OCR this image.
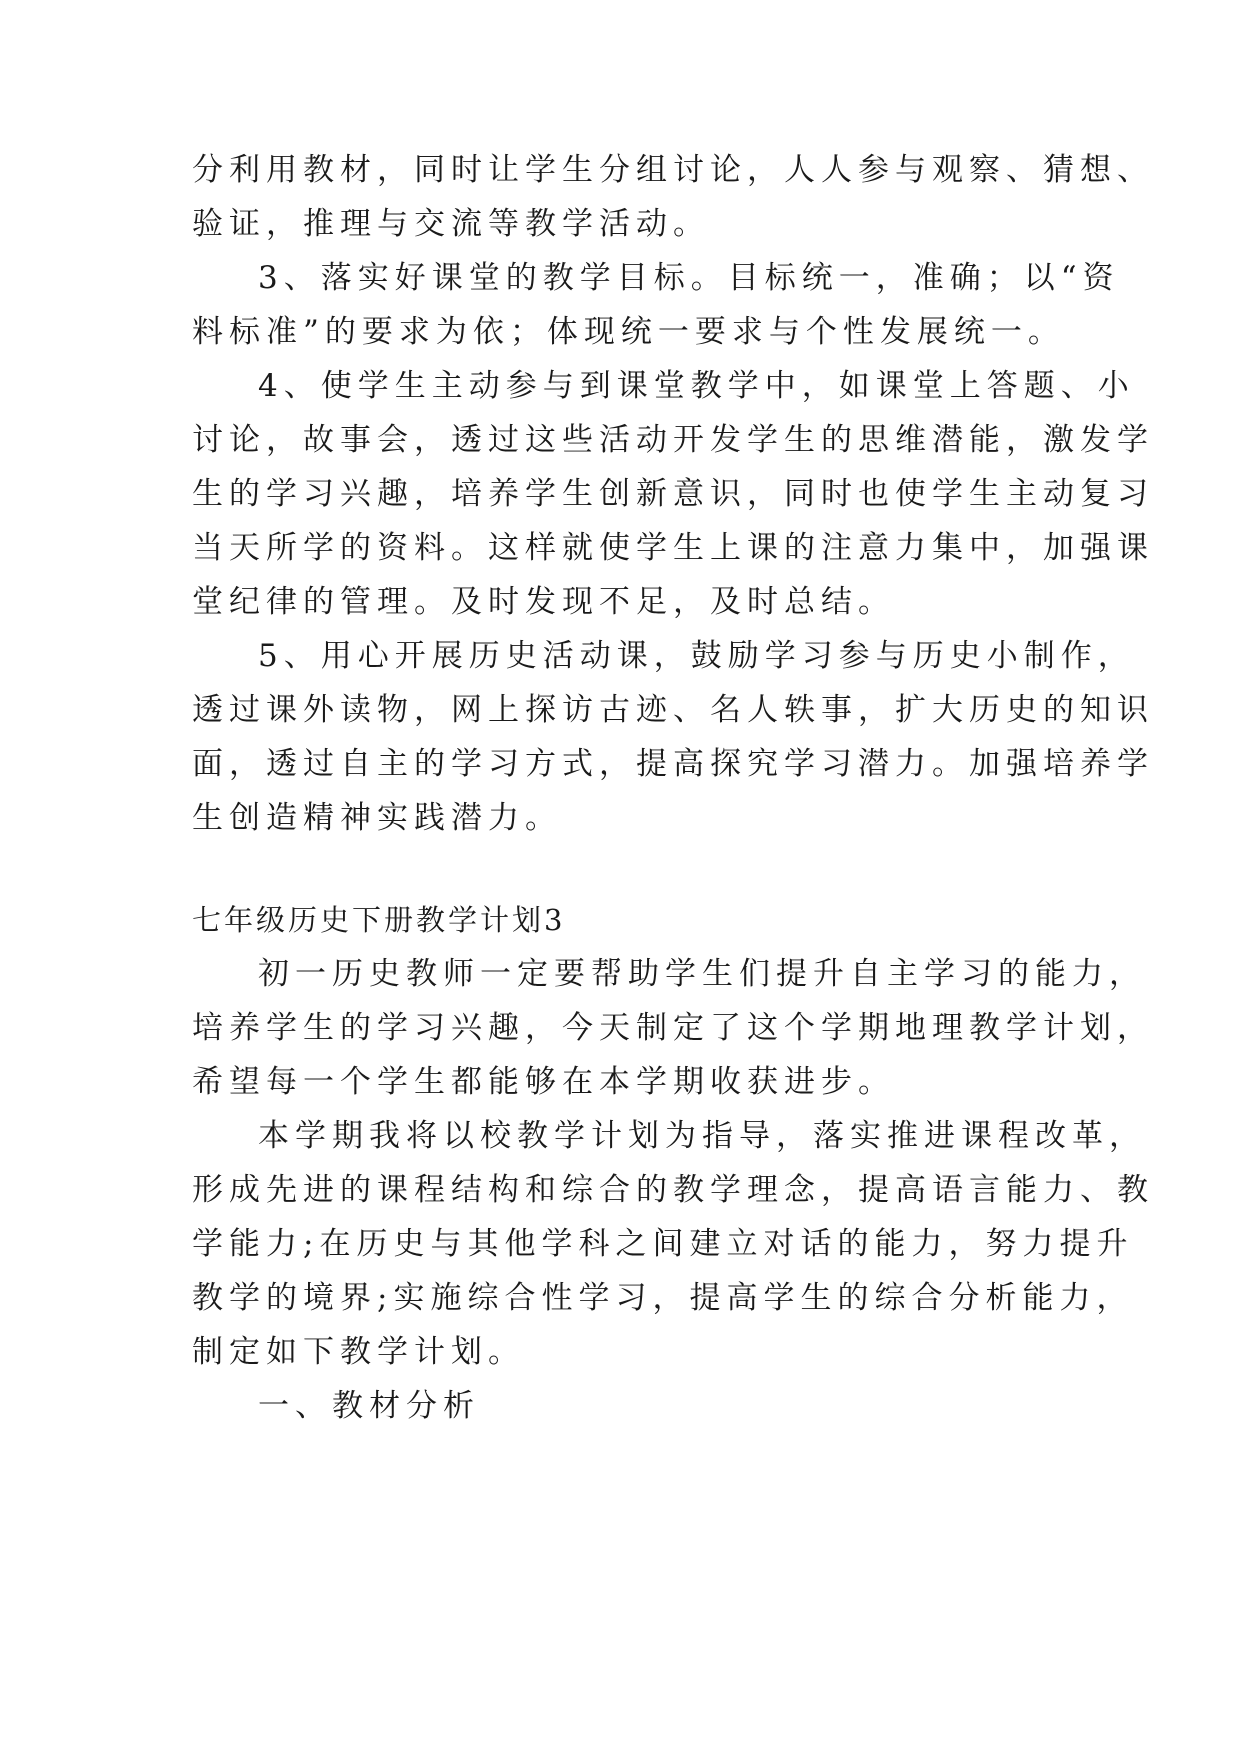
分利用教材，同时让学生分组讨论，人人参与观察、猜想、
验证，推理与交流等教学活动。
3、落实好课堂的教学目标。目标统一，准确；以“资
料标准”的要求为依；体现统一要求与个性发展统一。
4、使学生主动参与到课堂教学中，如课堂上答题、小
讨论，故事会，透过这些活动开发学生的思维潜能，激发学
生的学习兴趣，培养学生创新意识，同时也使学生主动复习
当天所学的资料。这样就使学生上课的注意力集中，加强课
堂纪律的管理。及时发现不足，及时总结。
5、用心开展历史活动课，鼓励学习参与历史小制作，
透过课外读物，网上探访古迹、名人轶事，扩大历史的知识
面，透过自主的学习方式，提高探究学习潜力。加强培养学
生创造精神实践潜力。
七年级历史下册教学计划3
初一历史教师一定要帮助学生们提升自主学习的能力，
培养学生的学习兴趣，今天制定了这个学期地理教学计划，
希望每一个学生都能够在本学期收获进步。
本学期我将以校教学计划为指导，落实推进课程改革，
形成先进的课程结构和综合的教学理念，提高语言能力、教
学能力;在历史与其他学科之间建立对话的能力，努力提升
教学的境界;实施综合性学习，提高学生的综合分析能力，
制定如下教学计划。
一、教材分析
